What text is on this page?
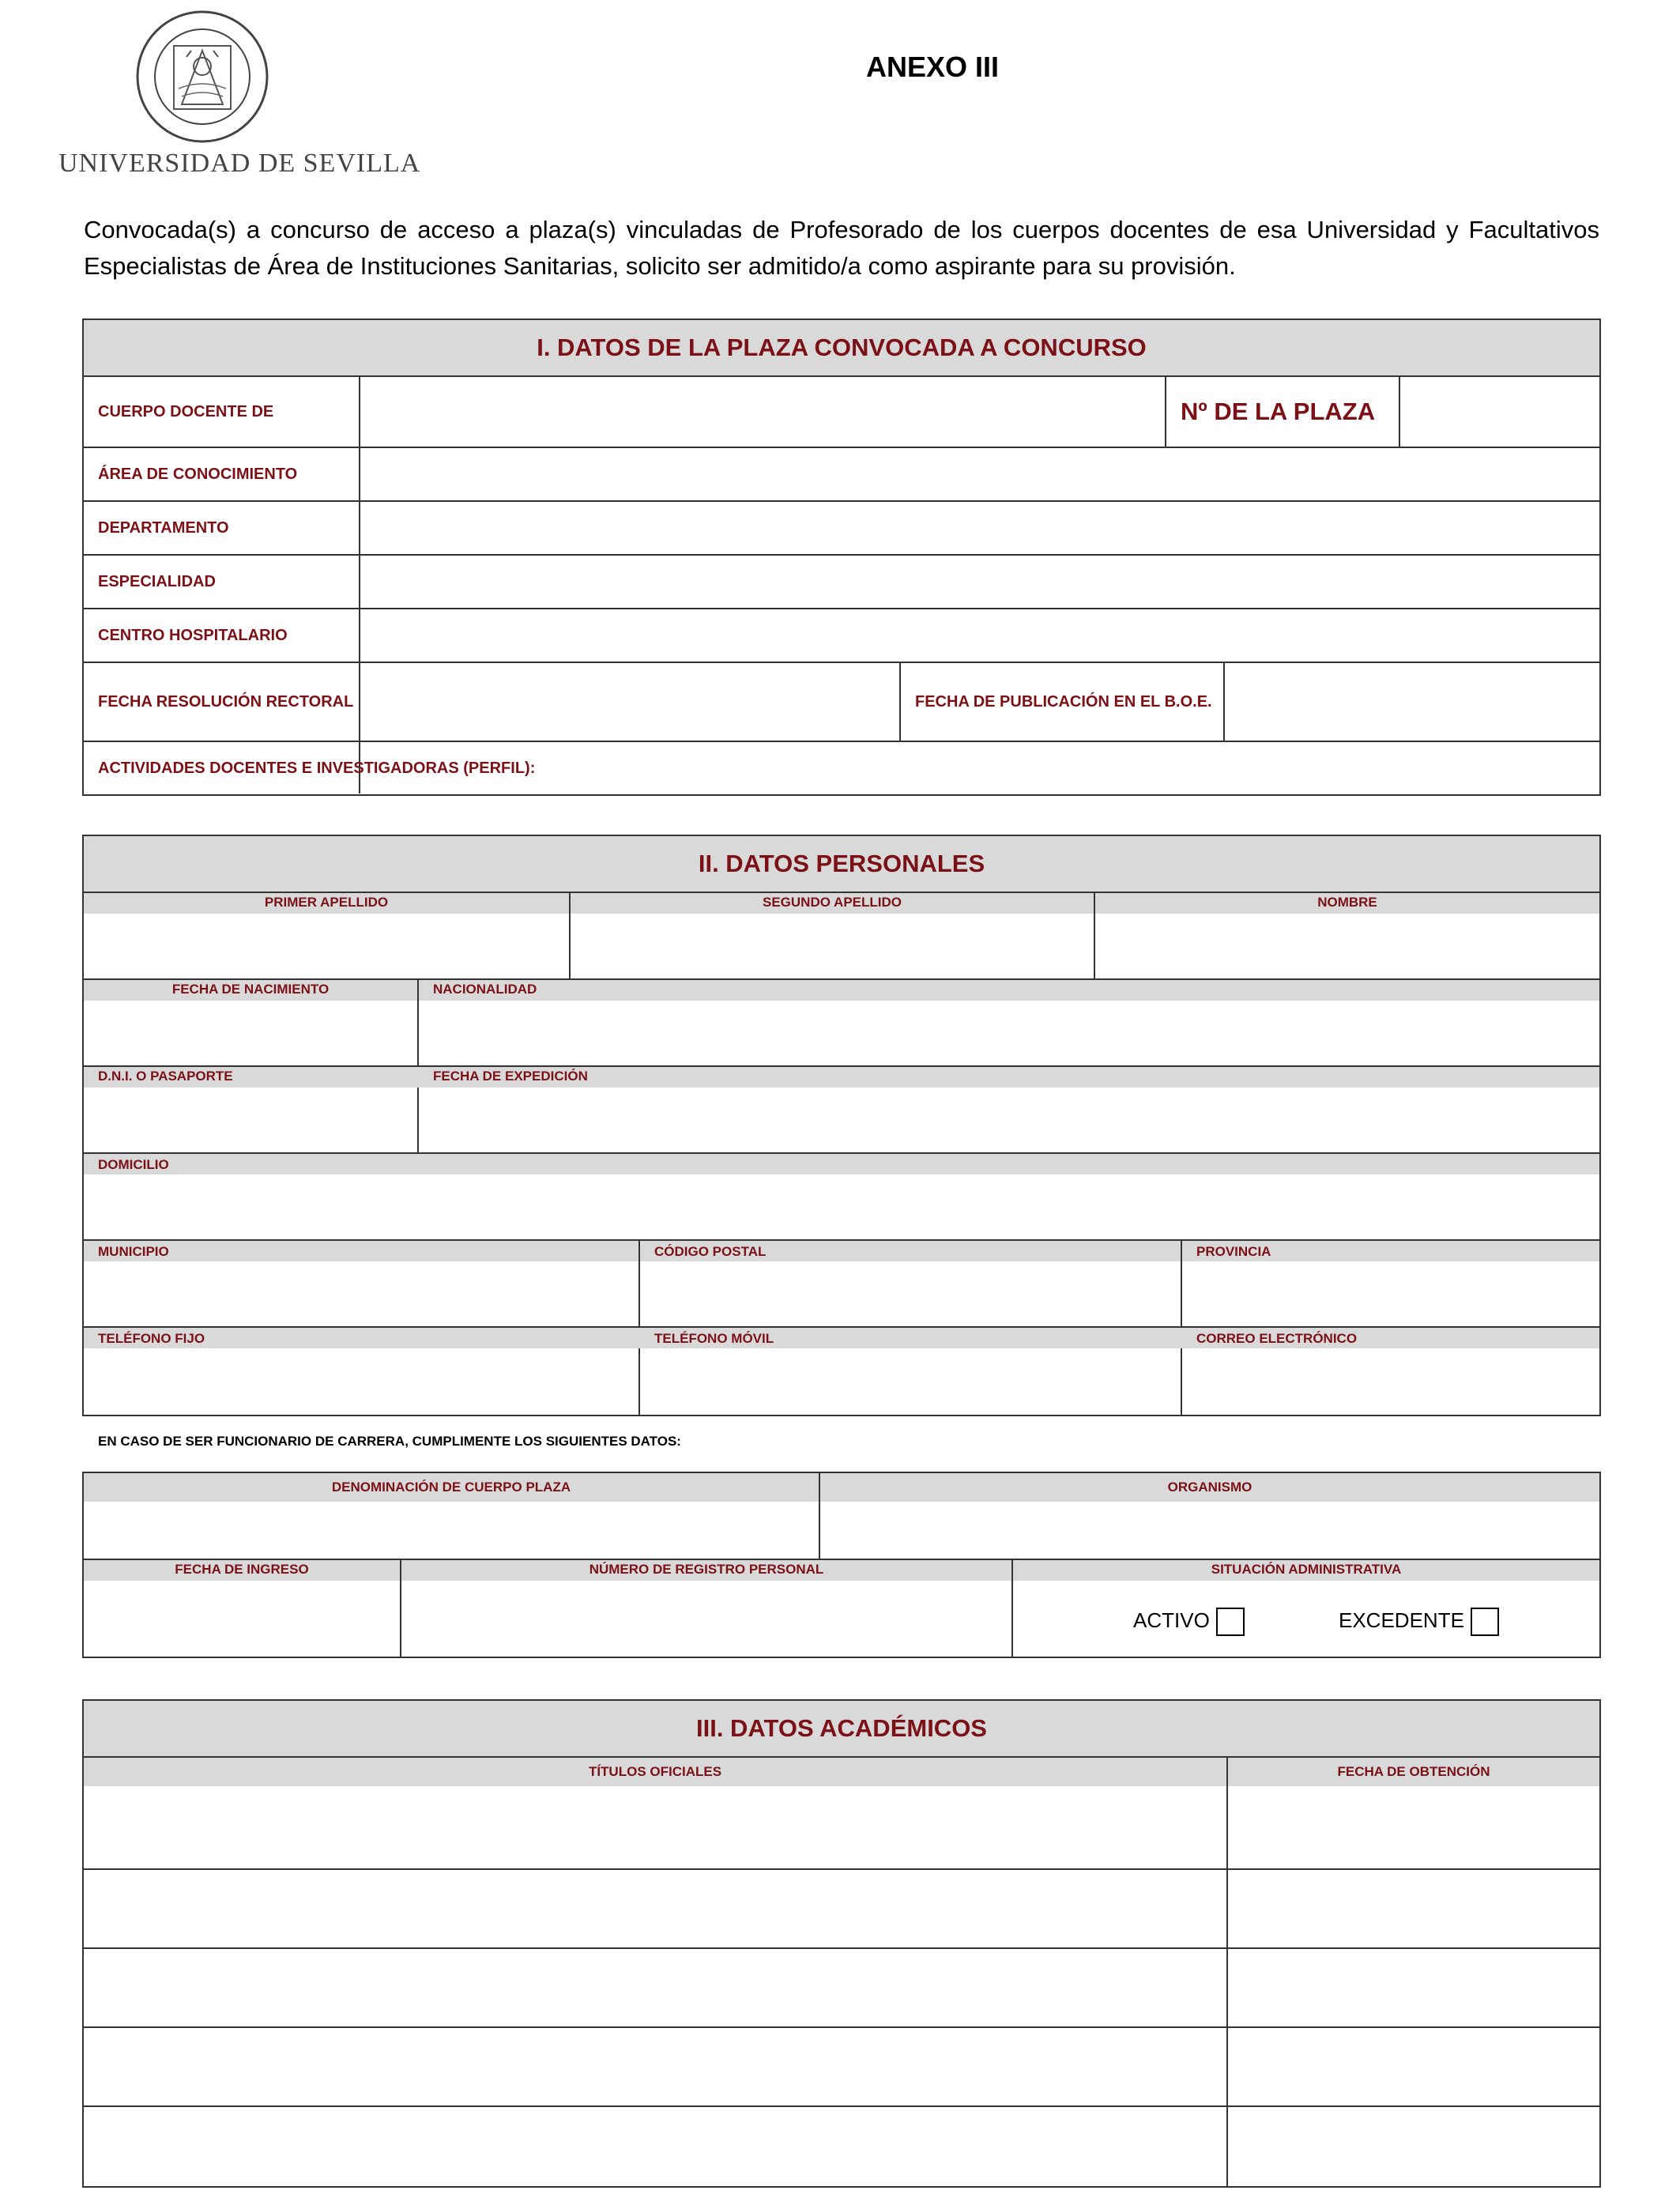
UNIVERSIDAD DE SEVILLA
ANEXO III
Convocada(s) a concurso de acceso a plaza(s) vinculadas de Profesorado de los cuerpos docentes de esa Universidad y Facultativos Especialistas de Área de Instituciones Sanitarias, solicito ser admitido/a como aspirante para su provisión.
I. DATOS DE LA PLAZA CONVOCADA A CONCURSO
CUERPO DOCENTE DE	Nº DE LA PLAZA
ÁREA DE CONOCIMIENTO
DEPARTAMENTO
ESPECIALIDAD
CENTRO HOSPITALARIO
FECHA RESOLUCIÓN RECTORAL	FECHA DE PUBLICACIÓN EN EL B.O.E.
ACTIVIDADES DOCENTES E INVESTIGADORAS (PERFIL):
II. DATOS PERSONALES
PRIMER APELLIDO	SEGUNDO APELLIDO	NOMBRE
FECHA DE NACIMIENTO	NACIONALIDAD
D.N.I. O PASAPORTE	FECHA DE EXPEDICIÓN
DOMICILIO
MUNICIPIO	CÓDIGO POSTAL	PROVINCIA
TELÉFONO FIJO	TELÉFONO MÓVIL	CORREO ELECTRÓNICO
EN CASO DE SER FUNCIONARIO DE CARRERA, CUMPLIMENTE LOS SIGUIENTES DATOS:
DENOMINACIÓN DE CUERPO PLAZA	ORGANISMO
FECHA DE INGRESO	NÚMERO DE REGISTRO PERSONAL	SITUACIÓN ADMINISTRATIVA
ACTIVO	EXCEDENTE
III. DATOS ACADÉMICOS
TÍTULOS OFICIALES	FECHA DE OBTENCIÓN
